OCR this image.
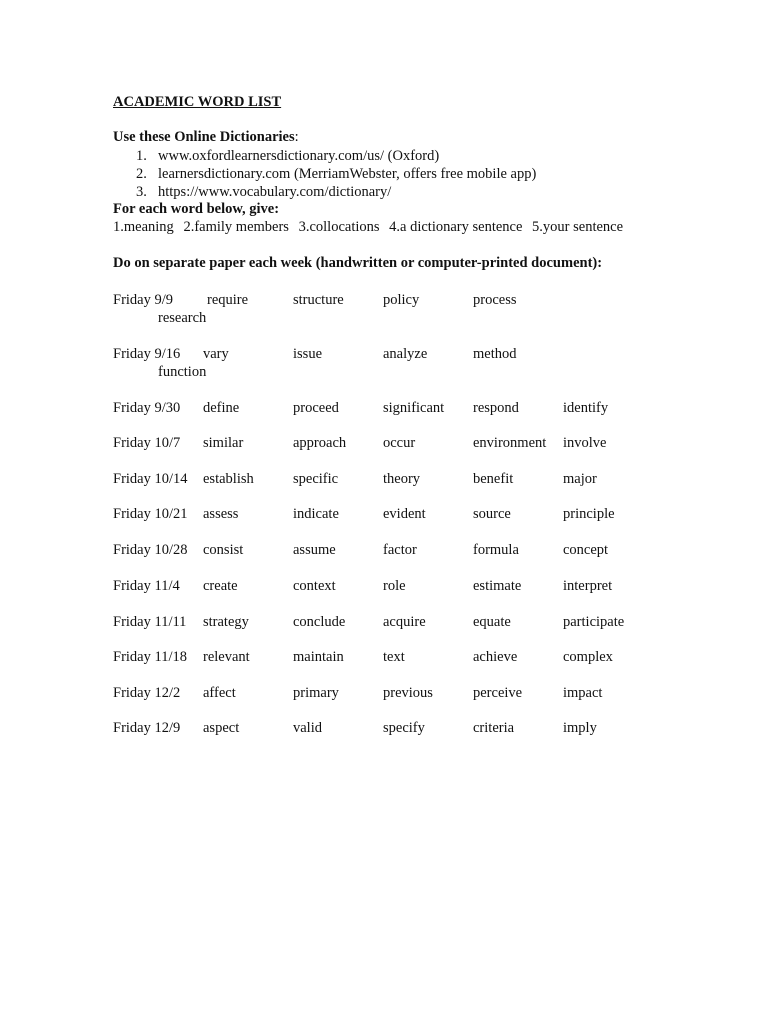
ACADEMIC WORD LIST
Use these Online Dictionaries:
1. www.oxfordlearnersdictionary.com/us/ (Oxford)
2. learnersdictionary.com (MerriamWebster, offers free mobile app)
3. https://www.vocabulary.com/dictionary/
For each word below, give:
1.meaning 2.family members 3.collocations 4.a dictionary sentence 5.your sentence
Do on separate paper each week (handwritten or computer-printed document):
Friday 9/9 require	structure	policy	process
research
Friday 9/16 vary	issue	analyze	method
function
Friday 9/30 define	proceed	significant respond	identify
Friday 10/7 similar	approach	occur	environment involve
Friday 10/14 establish	specific	theory	benefit	major
Friday 10/21 assess	indicate	evident	source	principle
Friday 10/28 consist	assume	factor	formula	concept
Friday 11/4 create	context	role	estimate	interpret
Friday 11/11 strategy	conclude	acquire	equate	participate
Friday 11/18 relevant	maintain	text	achieve	complex
Friday 12/2 affect	primary	previous	perceive	impact
Friday 12/9 aspect	valid	specify	criteria	imply
